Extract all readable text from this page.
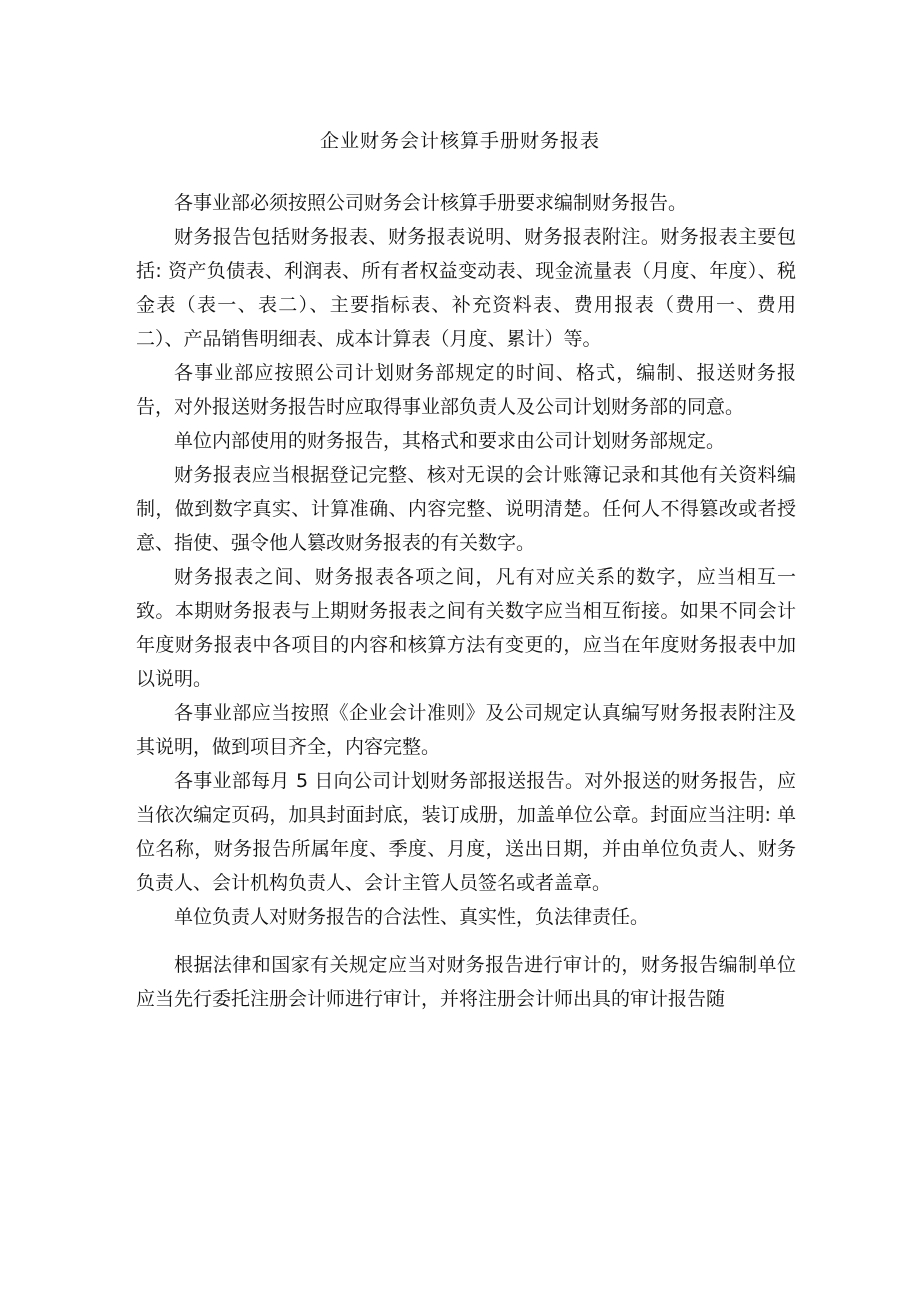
企业财务会计核算手册财务报表

各事业部必须按照公司财务会计核算手册要求编制财务报告。

财务报告包括财务报表、财务报表说明、财务报表附注。财务报表主要包括: 资产负债表、利润表、所有者权益变动表、现金流量表（月度、年度）、税金表（表一、表二）、主要指标表、补充资料表、费用报表（费用一、费用二）、产品销售明细表、成本计算表（月度、累计）等。

各事业部应按照公司计划财务部规定的时间、格式，编制、报送财务报告，对外报送财务报告时应取得事业部负责人及公司计划财务部的同意。

单位内部使用的财务报告，其格式和要求由公司计划财务部规定。

财务报表应当根据登记完整、核对无误的会计账簿记录和其他有关资料编制，做到数字真实、计算准确、内容完整、说明清楚。任何人不得篡改或者授意、指使、强令他人篡改财务报表的有关数字。

财务报表之间、财务报表各项之间，凡有对应关系的数字，应当相互一致。本期财务报表与上期财务报表之间有关数字应当相互衔接。如果不同会计年度财务报表中各项目的内容和核算方法有变更的，应当在年度财务报表中加以说明。

各事业部应当按照《企业会计准则》及公司规定认真编写财务报表附注及其说明，做到项目齐全，内容完整。

各事业部每月 5 日向公司计划财务部报送报告。对外报送的财务报告，应当依次编定页码，加具封面封底，装订成册，加盖单位公章。封面应当注明: 单位名称，财务报告所属年度、季度、月度，送出日期，并由单位负责人、财务负责人、会计机构负责人、会计主管人员签名或者盖章。

单位负责人对财务报告的合法性、真实性，负法律责任。

根据法律和国家有关规定应当对财务报告进行审计的，财务报告编制单位应当先行委托注册会计师进行审计，并将注册会计师出具的审计报告随
